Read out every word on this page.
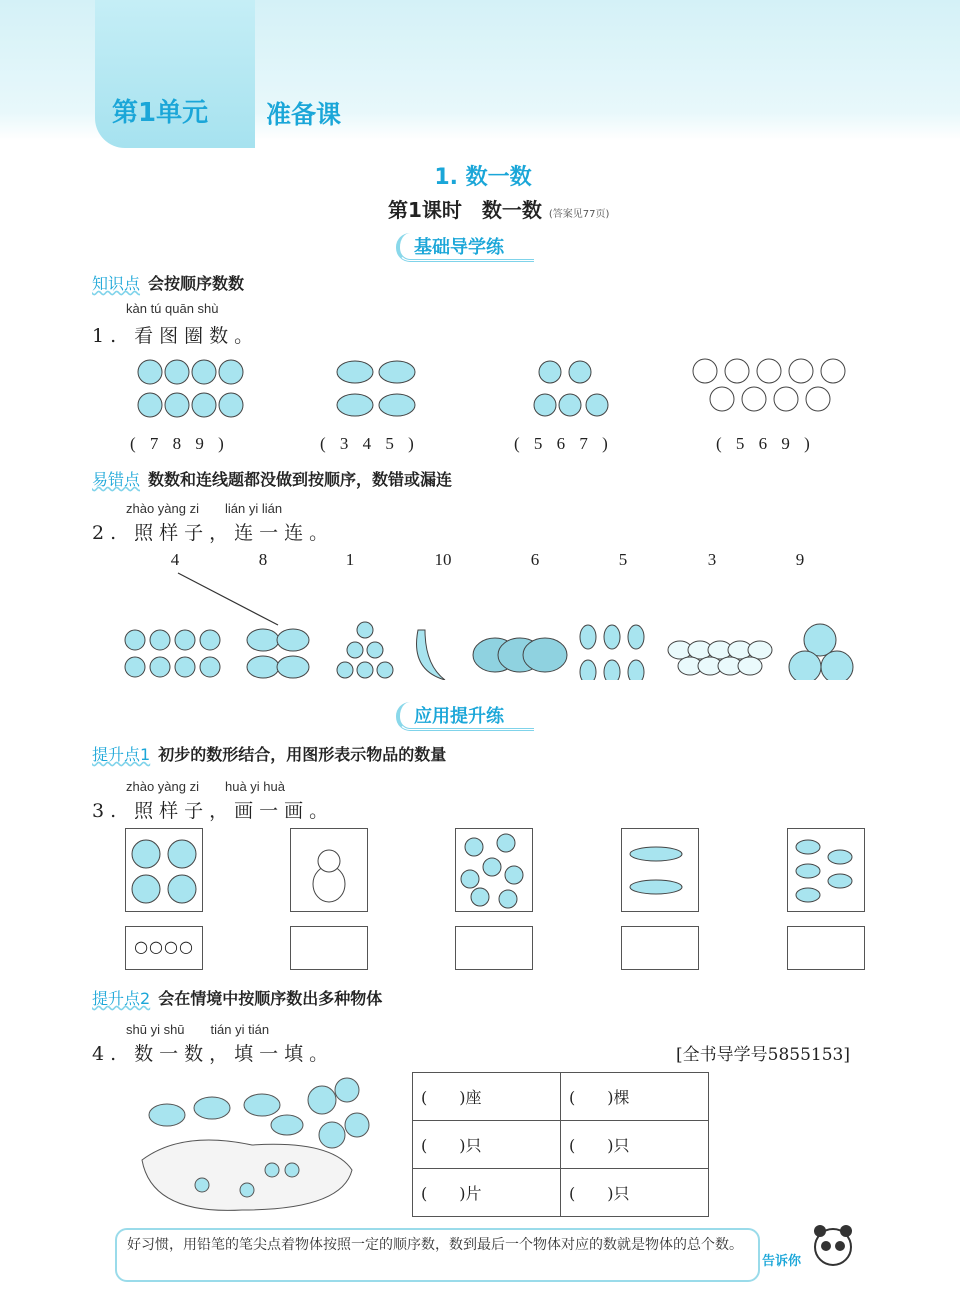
第1单元 准备课
1. 数一数
第1课时　数一数 (答案见77页)
基础导学练
知识点 会按顺序数数
kàn tú quān shù
1. 看图圈数。
( 7 8 9 )	( 3 4 5 )	( 5 6 7 )	( 5 6 9 )
易错点 数数和连线题都没做到按顺序，数错或漏连
zhào yàng zi　　lián yi lián
2. 照样子，连一连。
4	8	1	10	6	5	3	9
应用提升练
提升点1 初步的数形结合，用图形表示物品的数量
zhào yàng zi　　huà yi huà
3. 照样子，画一画。
○○○○
提升点2 会在情境中按顺序数出多种物体
shū yi shū　　tián yi tián
4. 数一数，填一填。	[全书导学号5855153]
(　　)座	(　　)棵
(　　)只	(　　)只
(　　)片	(　　)只
好习惯，用铅笔的笔尖点着物体按照一定的顺序数，数到最后一个物体对应的数就是物体的总个数。
告诉你
